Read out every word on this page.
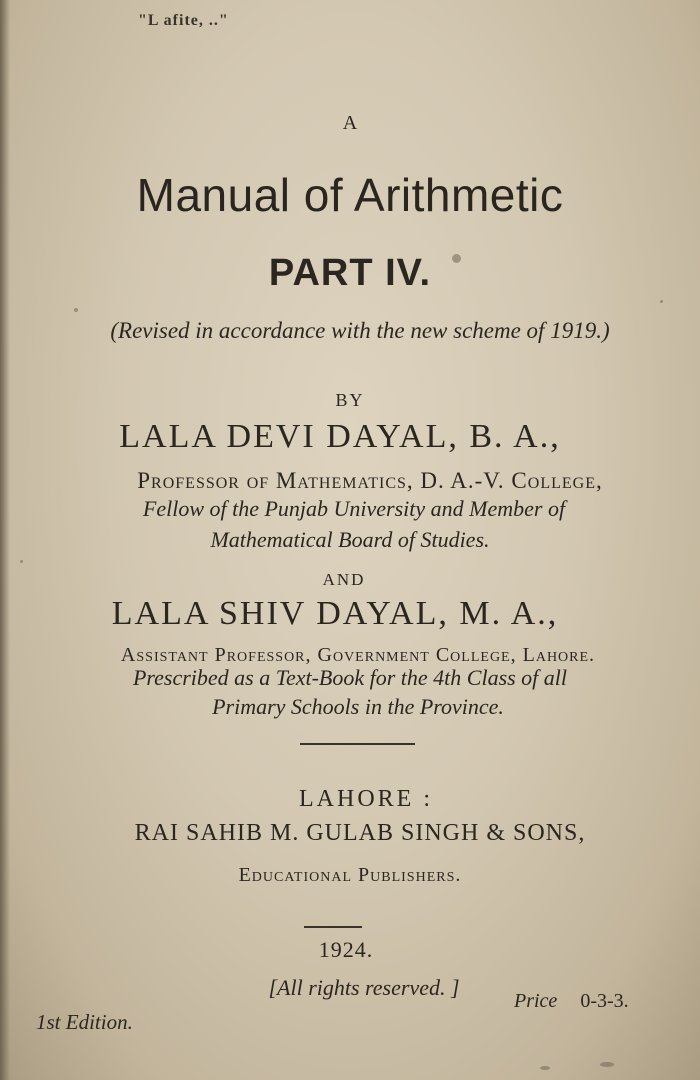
"L afite, .."

A

Manual of Arithmetic

PART IV.

(Revised in accordance with the new scheme of 1919.)

BY

LALA DEVI DAYAL, B. A.,

Professor of Mathematics, D. A.-V. College,

Fellow of the Punjab University and Member of

Mathematical Board of Studies.

AND

LALA SHIV DAYAL, M. A.,

Assistant Professor, Government College, Lahore.

Prescribed as a Text-Book for the 4th Class of all

Primary Schools in the Province.

LAHORE :

RAI SAHIB M. GULAB SINGH & SONS,

Educational Publishers.

1924.

[All rights reserved. ]

1st Edition.
Price 0-3-3.
